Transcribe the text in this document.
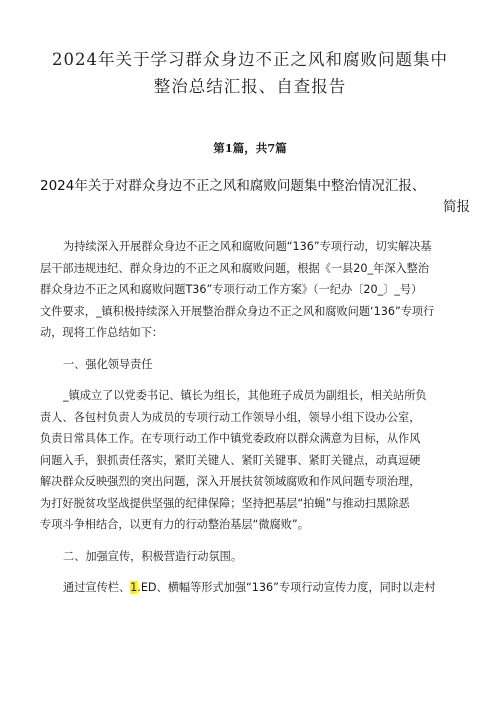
2024年关于学习群众身边不正之风和腐败问题集中
整治总结汇报、自查报告
第1篇，共7篇
2024年关于对群众身边不正之风和腐败问题集中整治情况汇报、
简报
为持续深入开展群众身边不正之风和腐败问题“136”专项行动，切实解决基
层干部违规违纪、群众身边的不正之风和腐败问题，根据《一县20_年深入整治
群众身边不正之风和腐败问题T36”专项行动工作方案》（一纪办〔20_〕_号）
文件要求，_镇积极持续深入开展整治群众身边不正之风和腐败问题‘136”专项行
动，现将工作总结如下：
一、强化领导责任
_镇成立了以党委书记、镇长为组长，其他班子成员为副组长，相关站所负
责人、各包村负责人为成员的专项行动工作领导小组，领导小组下设办公室，
负责日常具体工作。在专项行动工作中镇党委政府以群众满意为目标，从作风
问题入手，狠抓责任落实，紧盯关键人、紧盯关键事、紧盯关键点，动真逗硬
解决群众反映强烈的突出问题，深入开展扶贫领域腐败和作风问题专项治理，
为打好脱贫攻坚战提供坚强的纪律保障；坚持把基层“拍蝇”与推动扫黑除恶
专项斗争相结合，以更有力的行动整治基层“微腐败”。
二、加强宣传，积极营造行动氛围。
通过宣传栏、1.ED、横幅等形式加强“136”专项行动宣传力度，同时以走村
